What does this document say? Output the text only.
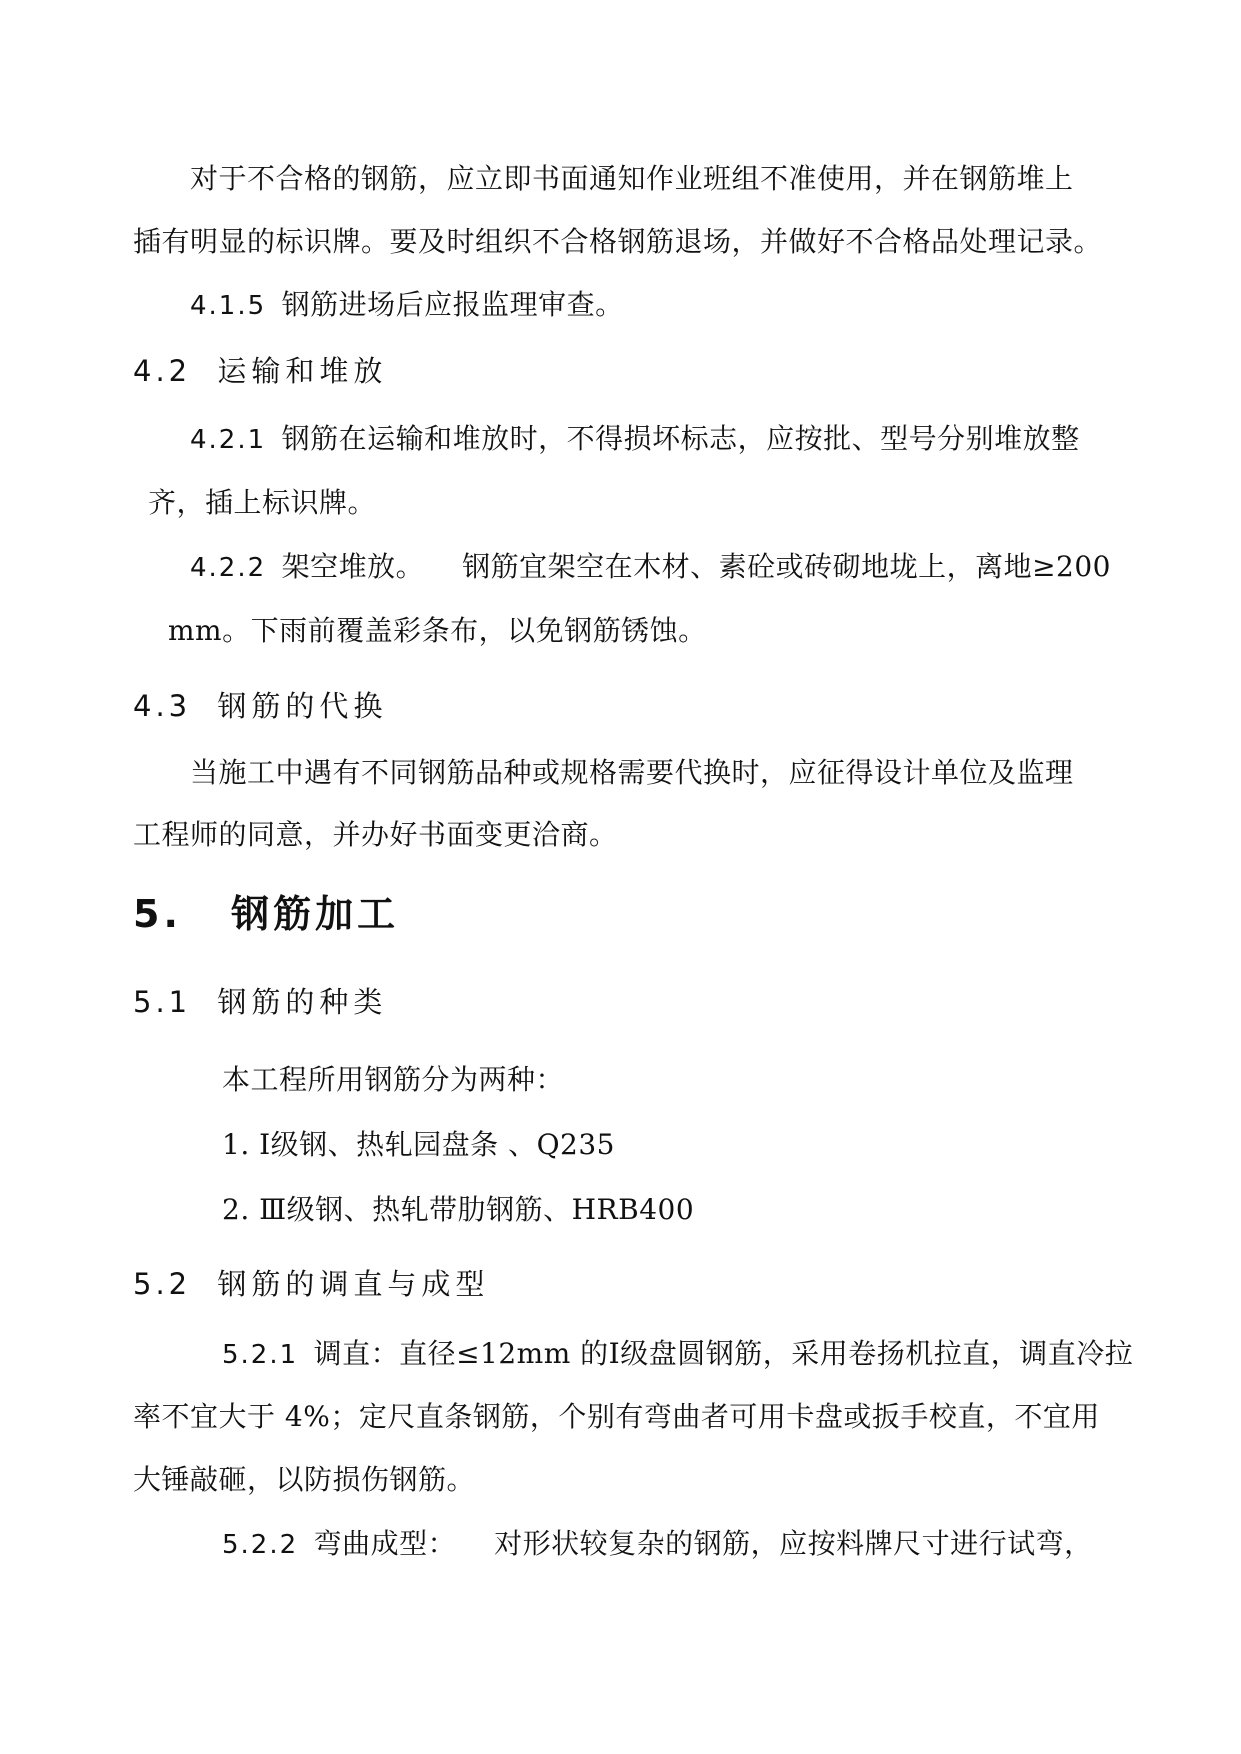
对于不合格的钢筋，应立即书面通知作业班组不准使用，并在钢筋堆上
插有明显的标识牌。要及时组织不合格钢筋退场，并做好不合格品处理记录。
4.1.5 钢筋进场后应报监理审查。
4.2 运输和堆放
4.2.1 钢筋在运输和堆放时，不得损坏标志，应按批、型号分别堆放整
齐，插上标识牌。
4.2.2 架空堆放。 钢筋宜架空在木材、素砼或砖砌地垅上，离地≥200
mm。下雨前覆盖彩条布，以免钢筋锈蚀。
4.3 钢筋的代换
当施工中遇有不同钢筋品种或规格需要代换时，应征得设计单位及监理
工程师的同意，并办好书面变更洽商。
5. 钢筋加工
5.1 钢筋的种类
本工程所用钢筋分为两种：
1. Ⅰ级钢、热轧园盘条 、Q235
2. Ⅲ级钢、热轧带肋钢筋、HRB400
5.2 钢筋的调直与成型
5.2.1 调直：直径≤12mm 的Ⅰ级盘圆钢筋，采用卷扬机拉直，调直冷拉
率不宜大于 4%；定尺直条钢筋，个别有弯曲者可用卡盘或扳手校直，不宜用
大锤敲砸，以防损伤钢筋。
5.2.2 弯曲成型： 对形状较复杂的钢筋，应按料牌尺寸进行试弯，
